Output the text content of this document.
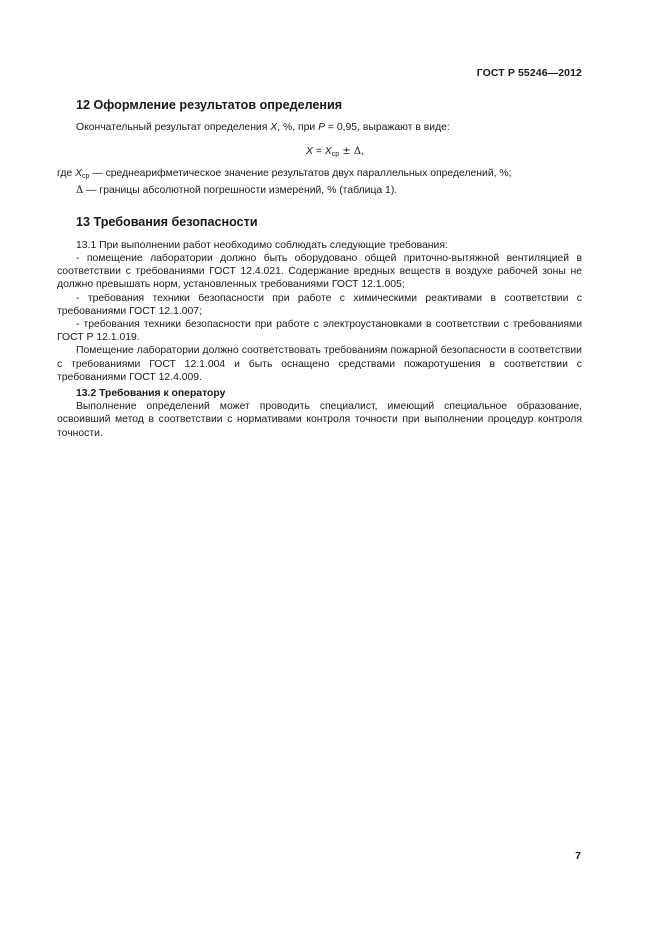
ГОСТ Р 55246—2012
12 Оформление результатов определения

Окончательный результат определения X, %, при P = 0,95, выражают в виде:

$X = X_{ср} \pm \Delta$,

где $X_{ср}$ — среднеарифметическое значение результатов двух параллельных определений, %;

Δ — границы абсолютной погрешности измерений, % (таблица 1).

13 Требования безопасности

13.1 При выполнении работ необходимо соблюдать следующие требования:

- помещение лаборатории должно быть оборудовано общей приточно-вытяжной вентиляцией в соответствии с требованиями ГОСТ 12.4.021. Содержание вредных веществ в воздухе рабочей зоны не должно превышать норм, установленных требованиями ГОСТ 12.1.005;

- требования техники безопасности при работе с химическими реактивами в соответствии с требованиями ГОСТ 12.1.007;

- требования техники безопасности при работе с электроустановками в соответствии с требованиями ГОСТ Р 12.1.019.

Помещение лаборатории должно соответствовать требованиям пожарной безопасности в соответствии с требованиями ГОСТ 12.1.004 и быть оснащено средствами пожаротушения в соответствии с требованиями ГОСТ 12.4.009.

13.2 Требования к оператору

Выполнение определений может проводить специалист, имеющий специальное образование, освоивший метод в соответствии с нормативами контроля точности при выполнении процедур контроля точности.

7
